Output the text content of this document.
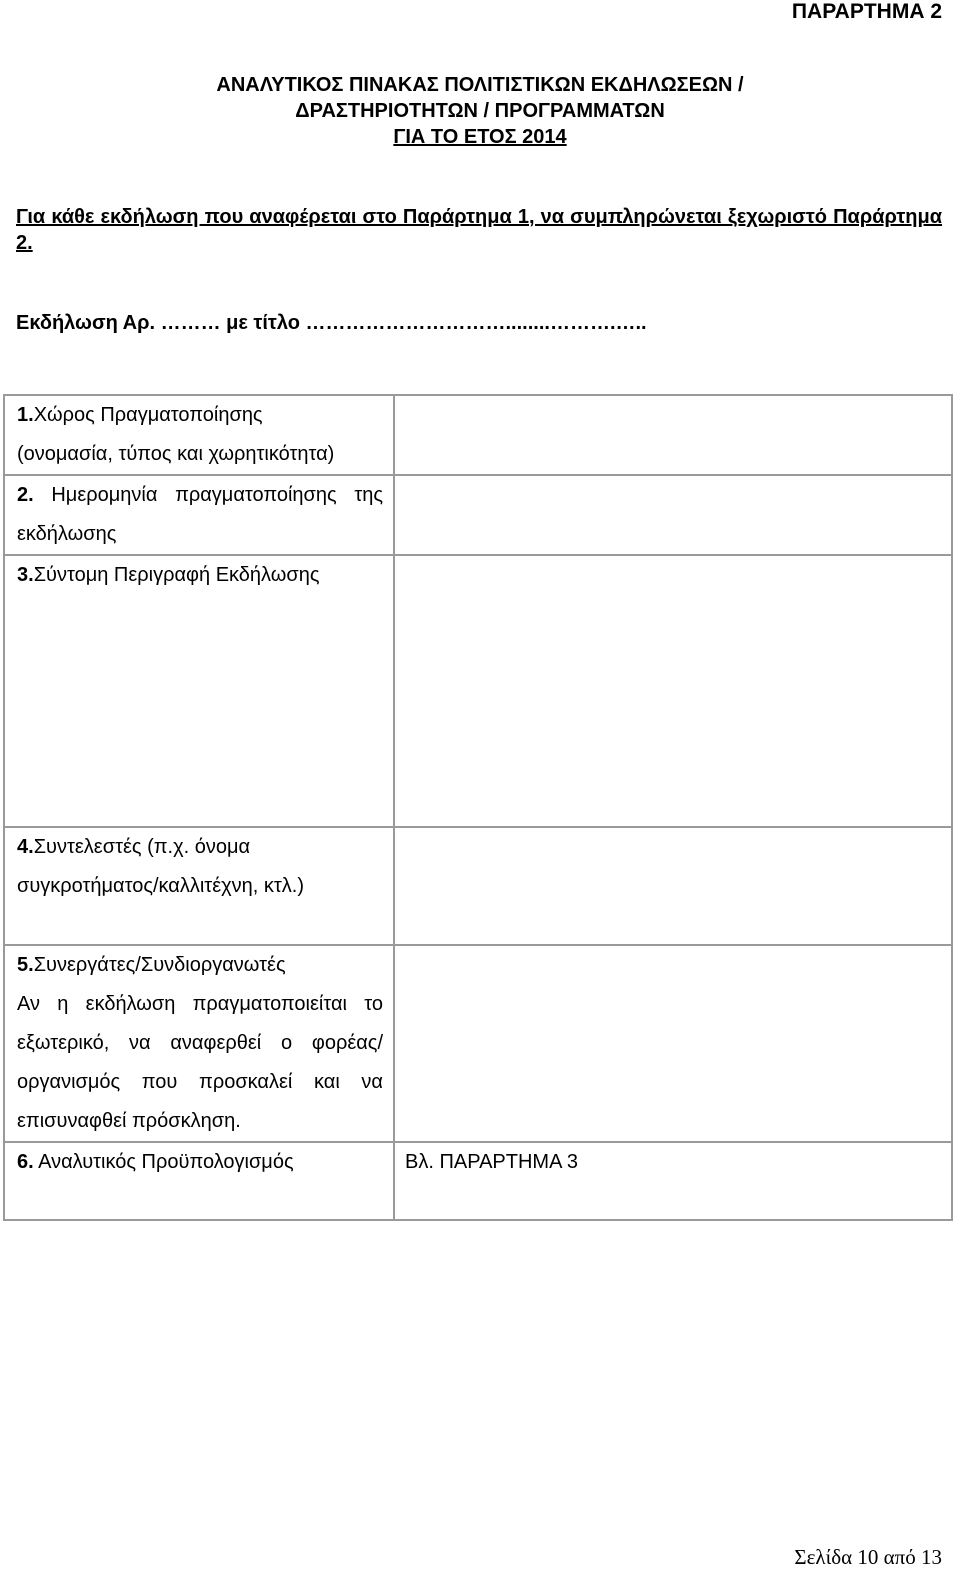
ΠΑΡΑΡΤΗΜΑ 2
ΑΝΑΛΥΤΙΚΟΣ ΠΙΝΑΚΑΣ ΠΟΛΙΤΙΣΤΙΚΩΝ ΕΚΔΗΛΩΣΕΩΝ /
ΔΡΑΣΤΗΡΙΟΤΗΤΩΝ / ΠΡΟΓΡΑΜΜΑΤΩΝ
ΓΙΑ ΤΟ ΕΤΟΣ 2014
Για κάθε εκδήλωση που αναφέρεται στο Παράρτημα 1, να συμπληρώνεται ξεχωριστό Παράρτημα 2.
Εκδήλωση Αρ. ……… με τίτλο …………………………........……….…..
1.Χώρος Πραγματοποίησης
(ονομασία, τύπος και χωρητικότητα)	

2. Ημερομηνία πραγματοποίησης της εκδήλωσης	
3.Σύντομη Περιγραφή Εκδήλωσης	

4.Συντελεστές (π.χ. όνομα
συγκροτήματος/καλλιτέχνη, κτλ.)	

5.Συνεργάτες/Συνδιοργανωτές
Αν η εκδήλωση πραγματοποιείται το εξωτερικό, να αναφερθεί ο φορέας/οργανισμός που προσκαλεί και να επισυναφθεί πρόσκληση.	

6. Αναλυτικός Προϋπολογισμός	Βλ. ΠΑΡΑΡΤΗΜΑ 3
Σελίδα 10 από 13
